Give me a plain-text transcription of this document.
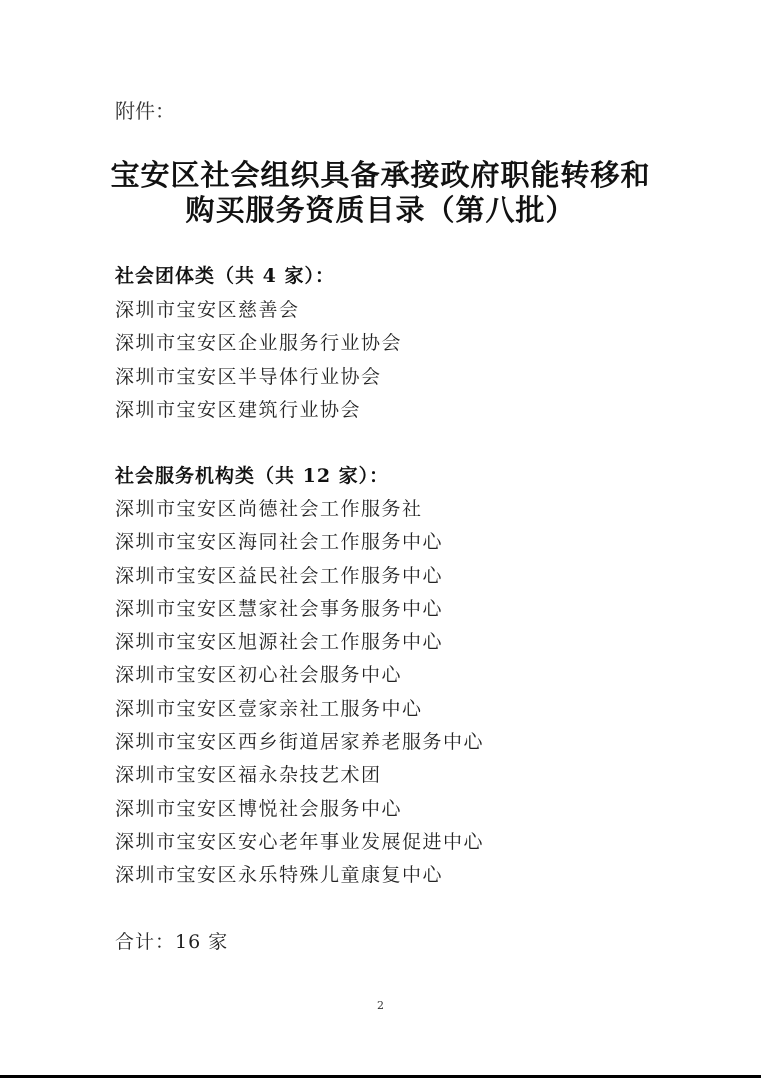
附件：
宝安区社会组织具备承接政府职能转移和
购买服务资质目录（第八批）
社会团体类（共 4 家）：
深圳市宝安区慈善会
深圳市宝安区企业服务行业协会
深圳市宝安区半导体行业协会
深圳市宝安区建筑行业协会
社会服务机构类（共 12 家）：
深圳市宝安区尚德社会工作服务社
深圳市宝安区海同社会工作服务中心
深圳市宝安区益民社会工作服务中心
深圳市宝安区慧家社会事务服务中心
深圳市宝安区旭源社会工作服务中心
深圳市宝安区初心社会服务中心
深圳市宝安区壹家亲社工服务中心
深圳市宝安区西乡街道居家养老服务中心
深圳市宝安区福永杂技艺术团
深圳市宝安区博悦社会服务中心
深圳市宝安区安心老年事业发展促进中心
深圳市宝安区永乐特殊儿童康复中心
合计：16 家
2
